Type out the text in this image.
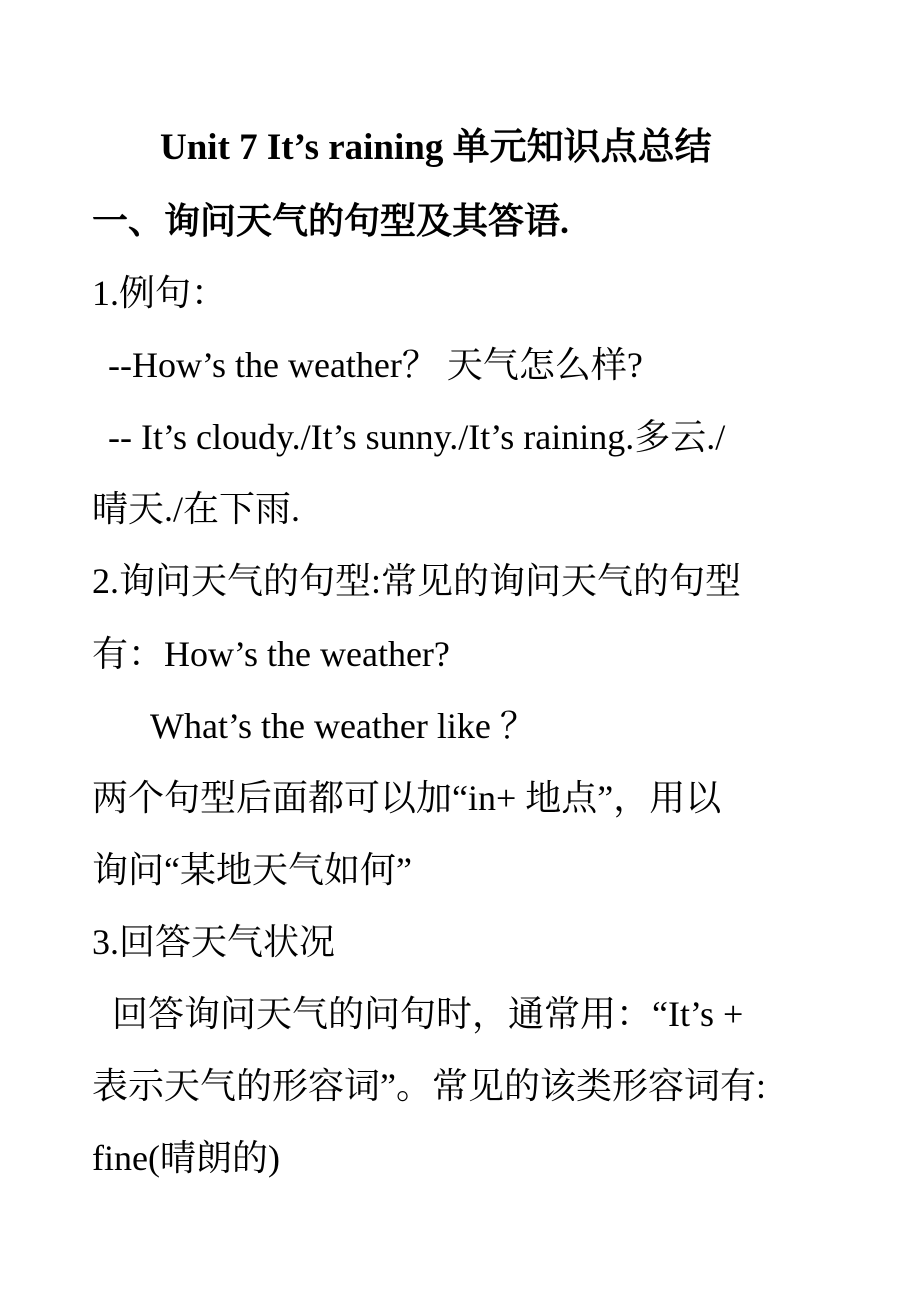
Unit 7 It’s raining 单元知识点总结
一、询问天气的句型及其答语.
1.例句：
--How’s the weather？ 天气怎么样?
-- It’s cloudy./It’s sunny./It’s raining.多云./
晴天./在下雨.
2.询问天气的句型:常见的询问天气的句型
有：How’s the weather?
What’s the weather like ？
两个句型后面都可以加“in+ 地点”，用以
询问“某地天气如何”
3.回答天气状况
回答询问天气的问句时，通常用：“It’s +
表示天气的形容词”。常见的该类形容词有:
fine(晴朗的)
